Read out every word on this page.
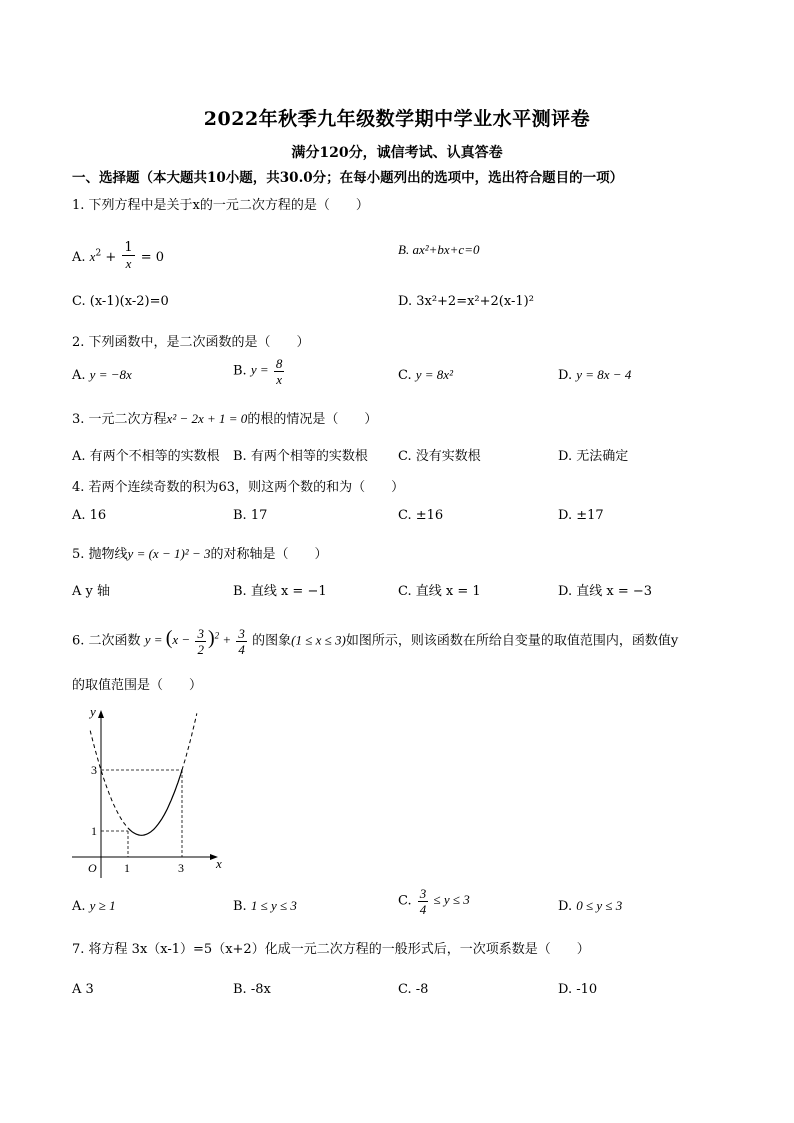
2022年秋季九年级数学期中学业水平测评卷
满分120分，诚信考试、认真答卷
一、选择题（本大题共10小题，共30.0分；在每小题列出的选项中，选出符合题目的一项）
1. 下列方程中是关于x的一元二次方程的是（　　）
A. $x^2 + \frac{1}{x} = 0$
B. ax²+bx+c=0
C. (x-1)(x-2)=0	D. 3x²+2=x²+2(x-1)²
2. 下列函数中，是二次函数的是（　　）
A. y = −8x	B. $y = \frac{8}{x}$	C. y = 8x²	D. y = 8x − 4
3. 一元二次方程x² − 2x + 1 = 0的根的情况是（　　）
A. 有两个不相等的实数根 B. 有两个相等的实数根 C. 没有实数根	D. 无法确定
4. 若两个连续奇数的积为63，则这两个数的和为（　　）
A. 16	B. 17	C. ±16	D. ±17
5. 抛物线y = (x − 1)² − 3的对称轴是（　　）
A y 轴	B. 直线 x = −1	C. 直线 x = 1	D. 直线 x = −3
6. 二次函数 $y = (x - \frac{3}{2} )^2 + \frac{3}{4}$ 的图象(1 ≤ x ≤ 3)如图所示，则该函数在所给自变量的取值范围内，函数值y
的取值范围是（　　）
y
x
O 1	3
1
3
A. y ≥ 1	B. 1 ≤ y ≤ 3	C. $\frac{3}{4} \le y \le 3$	D. 0 ≤ y ≤ 3
7. 将方程 3x（x-1）=5（x+2）化成一元二次方程的一般形式后，一次项系数是（　　）
A 3	B. -8x	C. -8	D. -10
